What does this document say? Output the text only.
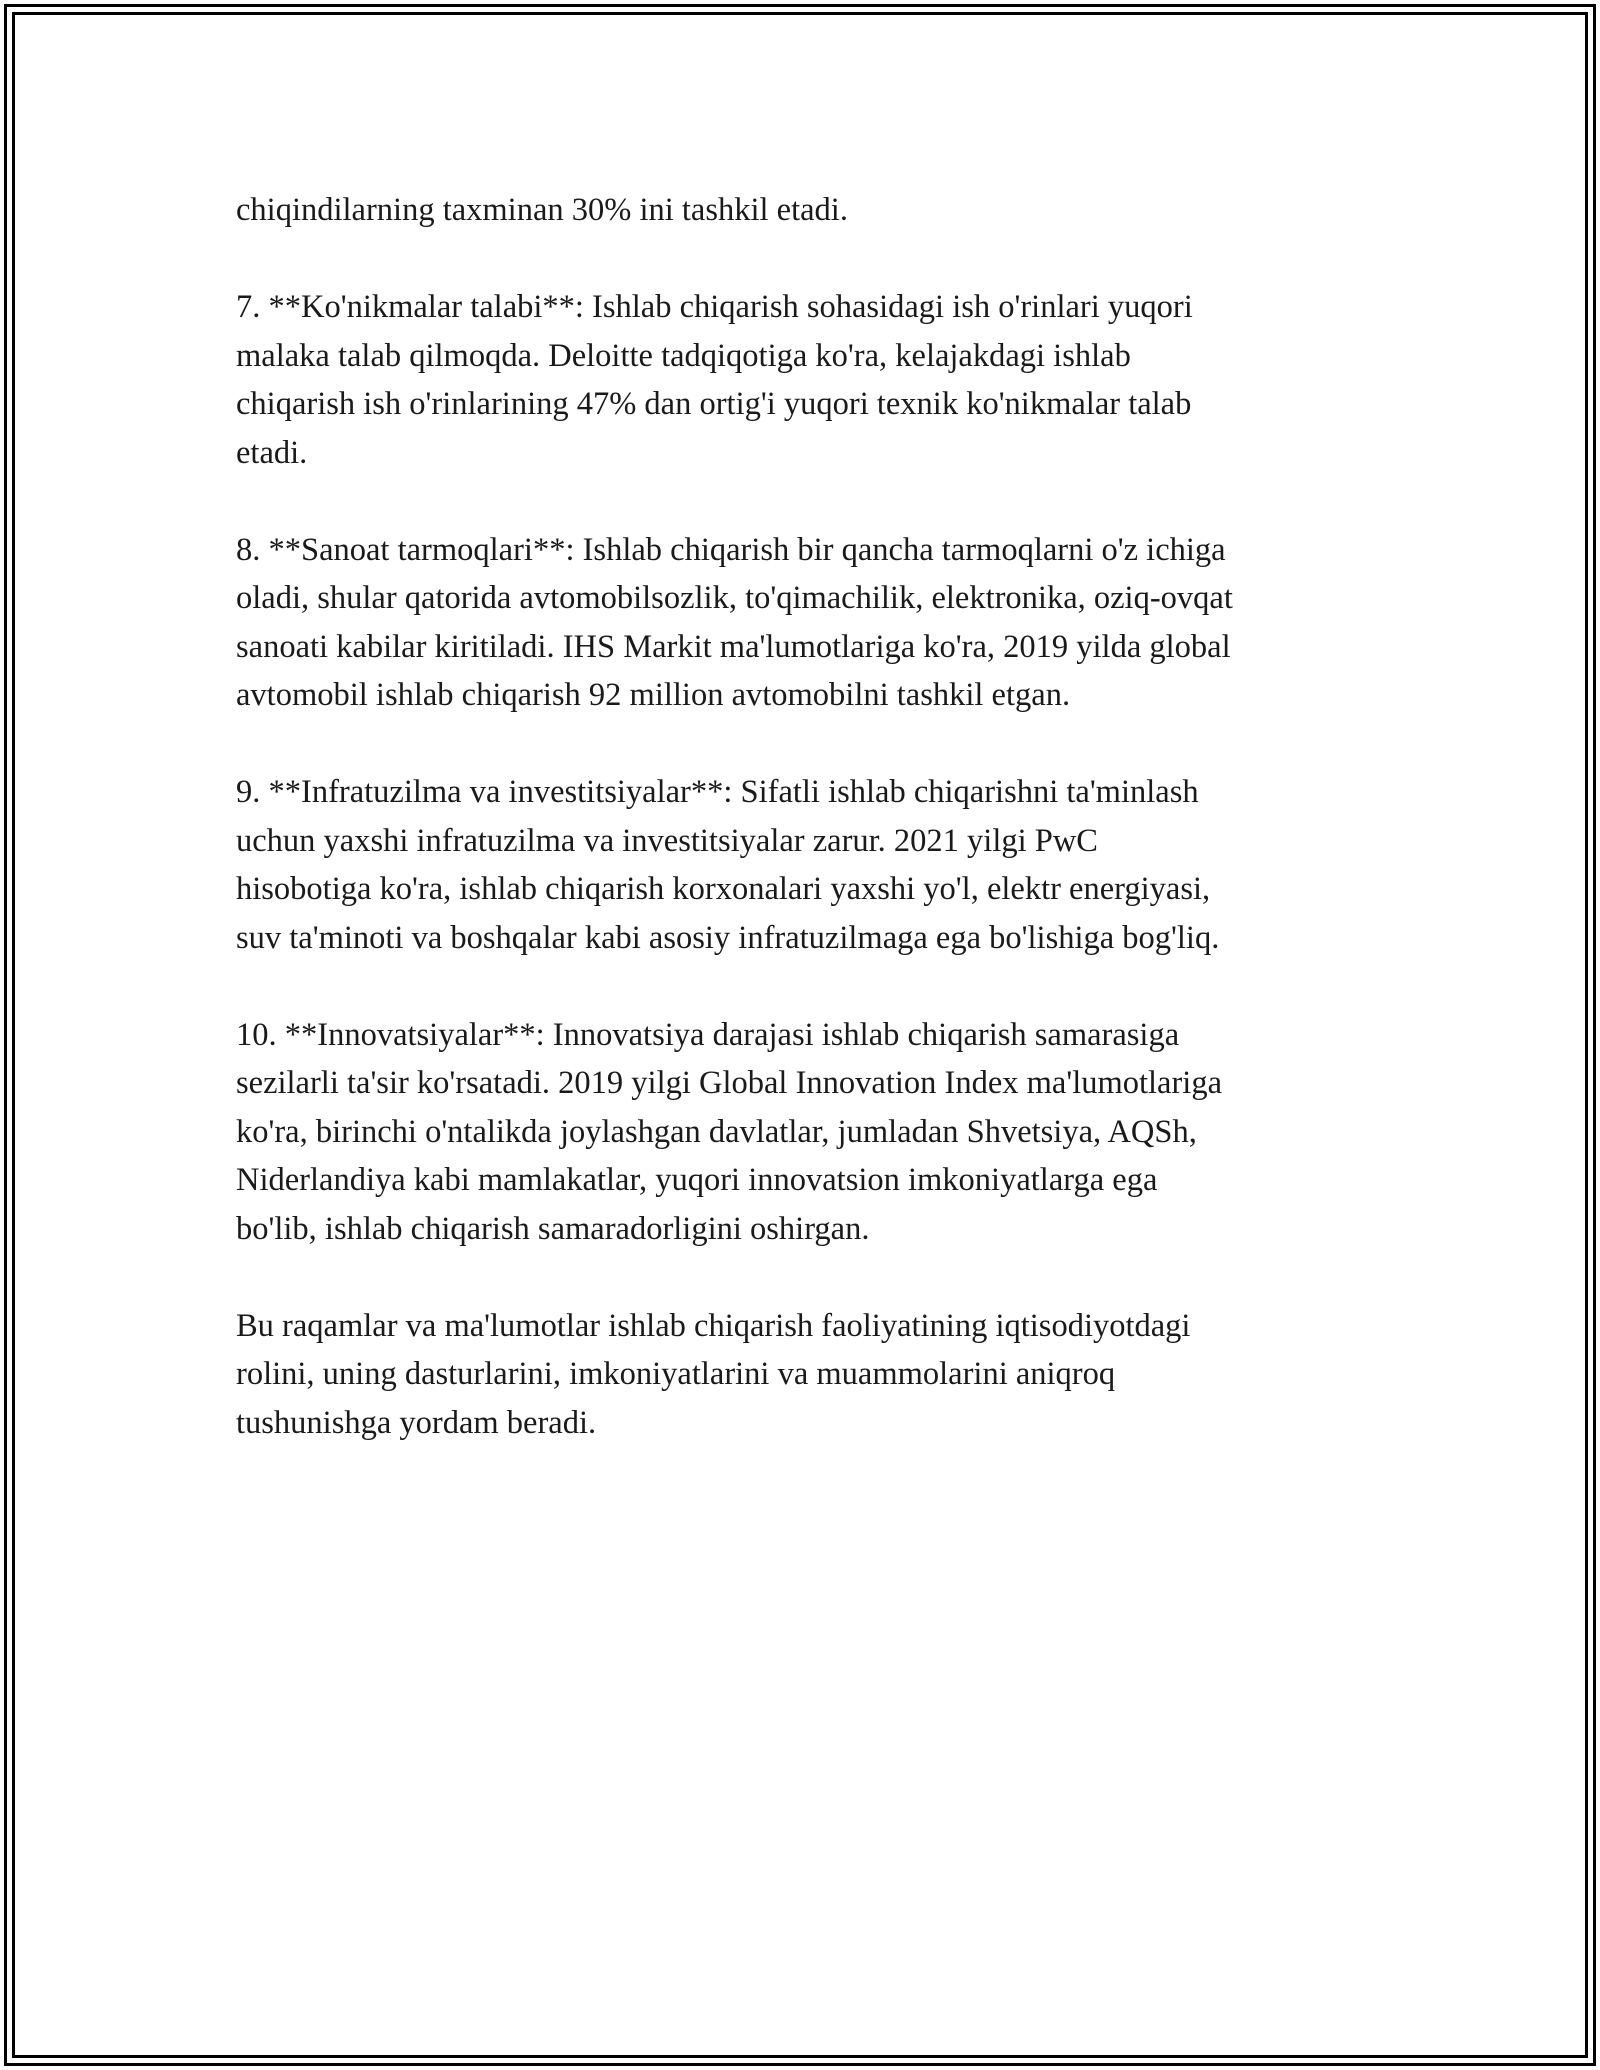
chiqindilarning taxminan 30% ini tashkil etadi.

7. **Ko'nikmalar talabi**: Ishlab chiqarish sohasidagi ish o'rinlari yuqori
malaka talab qilmoqda. Deloitte tadqiqotiga ko'ra, kelajakdagi ishlab
chiqarish ish o'rinlarining 47% dan ortig'i yuqori texnik ko'nikmalar talab
etadi.

8. **Sanoat tarmoqlari**: Ishlab chiqarish bir qancha tarmoqlarni o'z ichiga
oladi, shular qatorida avtomobilsozlik, to'qimachilik, elektronika, oziq-ovqat
sanoati kabilar kiritiladi. IHS Markit ma'lumotlariga ko'ra, 2019 yilda global
avtomobil ishlab chiqarish 92 million avtomobilni tashkil etgan.

9. **Infratuzilma va investitsiyalar**: Sifatli ishlab chiqarishni ta'minlash
uchun yaxshi infratuzilma va investitsiyalar zarur. 2021 yilgi PwC
hisobotiga ko'ra, ishlab chiqarish korxonalari yaxshi yo'l, elektr energiyasi,
suv ta'minoti va boshqalar kabi asosiy infratuzilmaga ega bo'lishiga bog'liq.

10. **Innovatsiyalar**: Innovatsiya darajasi ishlab chiqarish samarasiga
sezilarli ta'sir ko'rsatadi. 2019 yilgi Global Innovation Index ma'lumotlariga
ko'ra, birinchi o'ntalikda joylashgan davlatlar, jumladan Shvetsiya, AQSh,
Niderlandiya kabi mamlakatlar, yuqori innovatsion imkoniyatlarga ega
bo'lib, ishlab chiqarish samaradorligini oshirgan.

Bu raqamlar va ma'lumotlar ishlab chiqarish faoliyatining iqtisodiyotdagi
rolini, uning dasturlarini, imkoniyatlarini va muammolarini aniqroq
tushunishga yordam beradi.
